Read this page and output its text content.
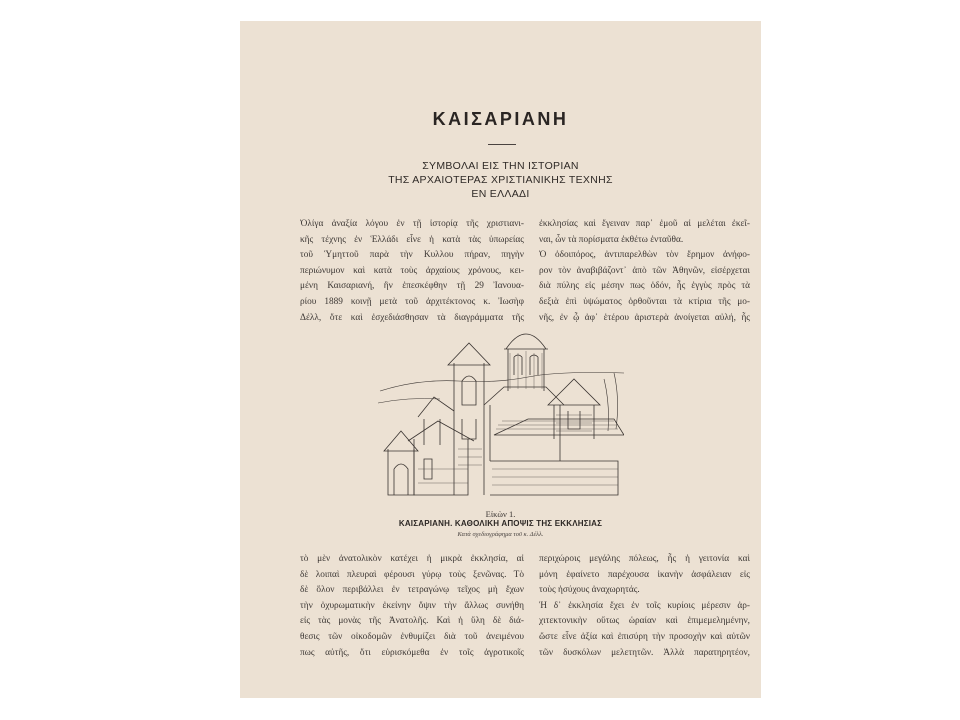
ΚΑΙΣΑΡΙΑΝΗ
ΣΥΜΒΟΛΑΙ ΕΙΣ ΤΗΝ ΙΣΤΟΡΙΑΝ
ΤΗΣ ΑΡΧΑΙΟΤΕΡΑΣ ΧΡΙΣΤΙΑΝΙΚΗΣ ΤΕΧΝΗΣ
ΕΝ ΕΛΛΑΔΙ
Ὀλίγα ἀναξία λόγου ἐν τῇ ἱστορίᾳ τῆς χριστιανι-
κῆς τέχνης ἐν Ἑλλάδι εἶνε ἡ κατὰ τὰς ὑπωρείας
τοῦ Ὑμηττοῦ παρὰ τὴν Κυλλου πήραν, πηγὴν
περιώνυμον καὶ κατὰ τοὺς ἀρχαίους χρόνους, κει-
μένη Καισαριανή, ἣν ἐπεσκέφθην τῇ 29 Ἰανουα-
ρίου 1889 κοινῇ μετὰ τοῦ ἀρχιτέκτονος κ. Ἰωσὴφ
Δέλλ, ὅτε καὶ ἐσχεδιάσθησαν τὰ διαγράμματα τῆς
ἐκκλησίας καὶ ἔγειναν παρ᾽ ἐμοῦ αἱ μελέται ἐκεῖ-
ναι, ὧν τὰ πορίσματα ἐκθέτω ἐνταῦθα.
Ὁ ὁδοιπόρος, ἀντιπαρελθὼν τὸν ἔρημον ἀνήφο-
ρον τὸν ἀναβιβάζοντ᾽ ἀπὸ τῶν Ἀθηνῶν, εἰσέρχεται
διὰ πύλης εἰς μέσην πως ὁδόν, ἧς ἐγγὺς πρὸς τὰ
δεξιὰ ἐπὶ ὑψώματος ὀρθοῦνται τὰ κτίρια τῆς μο-
νῆς, ἐν ᾧ ἀφ᾽ ἑτέρου ἀριστερὰ ἀνοίγεται αὐλή, ἧς
Εἰκὼν 1.
ΚΑΙΣΑΡΙΑΝΗ. ΚΑΘΟΛΙΚΗ ΑΠΟΨΙΣ ΤΗΣ ΕΚΚΛΗΣΙΑΣ
Κατὰ σχεδιογράφημα τοῦ κ. Δέλλ.
τὸ μὲν ἀνατολικὸν κατέχει ἡ μικρὰ ἐκκλησία, αἱ
δὲ λοιπαὶ πλευραὶ φέρουσι γύρῳ τοὺς ξενῶνας. Τὸ
δὲ ὅλον περιβάλλει ἐν τετραγώνῳ τεῖχος μὴ ἔχων
τὴν ὀχυρωματικὴν ἐκείνην ὄψιν τὴν ἄλλως συνήθη
εἰς τὰς μονὰς τῆς Ἀνατολῆς. Καὶ ἡ ὕλη δὲ διά-
θεσις τῶν οἰκοδομῶν ἐνθυμίζει διὰ τοῦ ἀνειμένου
πως αὐτῆς, ὅτι εὑρισκόμεθα ἐν τοῖς ἀγροτικοῖς
περιχώροις μεγάλης πόλεως, ἧς ἡ γειτονία καὶ
μόνη ἐφαίνετο παρέχουσα ἱκανὴν ἀσφάλειαν εἰς
τοὺς ἡσύχους ἀναχωρητάς.
Ἡ δ᾽ ἐκκλησία ἔχει ἐν τοῖς κυρίοις μέρεσιν ἀρ-
χιτεκτονικὴν οὕτως ὡραίαν καὶ ἐπιμεμελημένην,
ὥστε εἶνε ἀξία καὶ ἐπισύρη τὴν προσοχὴν καὶ αὐτῶν
τῶν δυσκόλων μελετητῶν. Ἀλλὰ παρατηρητέον,
